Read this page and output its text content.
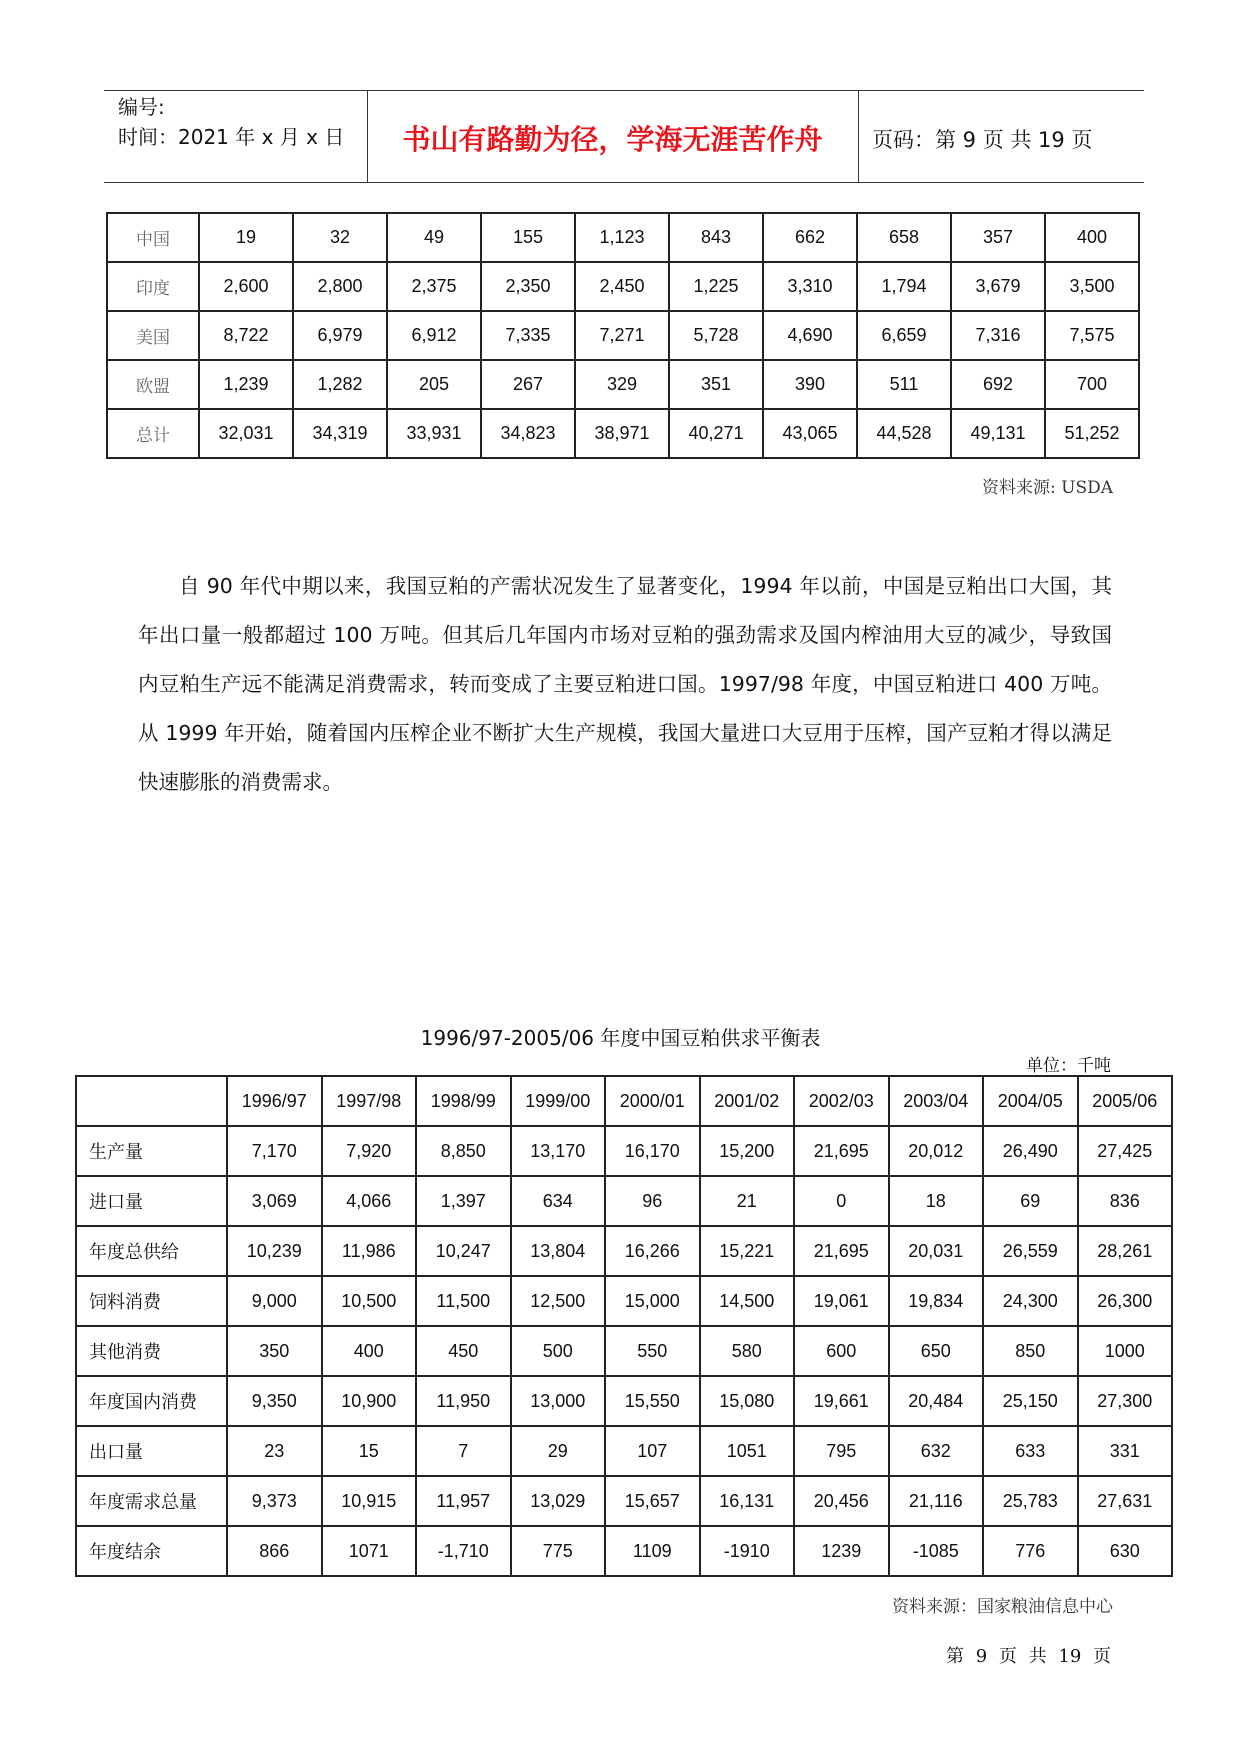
编号:
时间：2021 年 x 月 x 日	书山有路勤为径，学海无涯苦作舟	页码：第 9 页 共 19 页
中国	19	32	49	155	1,123	843	662	658	357	400
印度	2,600	2,800	2,375	2,350	2,450	1,225	3,310	1,794	3,679	3,500
美国	8,722	6,979	6,912	7,335	7,271	5,728	4,690	6,659	7,316	7,575
欧盟	1,239	1,282	205	267	329	351	390	511	692	700
总计	32,031	34,319	33,931	34,823	38,971	40,271	43,065	44,528	49,131	51,252
资料来源: USDA

自 90 年代中期以来，我国豆粕的产需状况发生了显著变化，1994 年以前，中国是豆粕出口大国，其年出口量一般都超过 100 万吨。但其后几年国内市场对豆粕的强劲需求及国内榨油用大豆的减少，导致国内豆粕生产远不能满足消费需求，转而变成了主要豆粕进口国。1997/98 年度，中国豆粕进口 400 万吨。从 1999 年开始，随着国内压榨企业不断扩大生产规模，我国大量进口大豆用于压榨，国产豆粕才得以满足快速膨胀的消费需求。

1996/97-2005/06 年度中国豆粕供求平衡表
单位：千吨
	1996/97	1997/98	1998/99	1999/00	2000/01	2001/02	2002/03	2003/04	2004/05	2005/06
生产量	7,170	7,920	8,850	13,170	16,170	15,200	21,695	20,012	26,490	27,425
进口量	3,069	4,066	1,397	634	96	21	0	18	69	836
年度总供给	10,239	11,986	10,247	13,804	16,266	15,221	21,695	20,031	26,559	28,261
饲料消费	9,000	10,500	11,500	12,500	15,000	14,500	19,061	19,834	24,300	26,300
其他消费	350	400	450	500	550	580	600	650	850	1000
年度国内消费	9,350	10,900	11,950	13,000	15,550	15,080	19,661	20,484	25,150	27,300
出口量	23	15	7	29	107	1051	795	632	633	331
年度需求总量	9,373	10,915	11,957	13,029	15,657	16,131	20,456	21,116	25,783	27,631
年度结余	866	1071	-1,710	775	1109	-1910	1239	-1085	776	630
资料来源：国家粮油信息中心
第 9 页 共 19 页
